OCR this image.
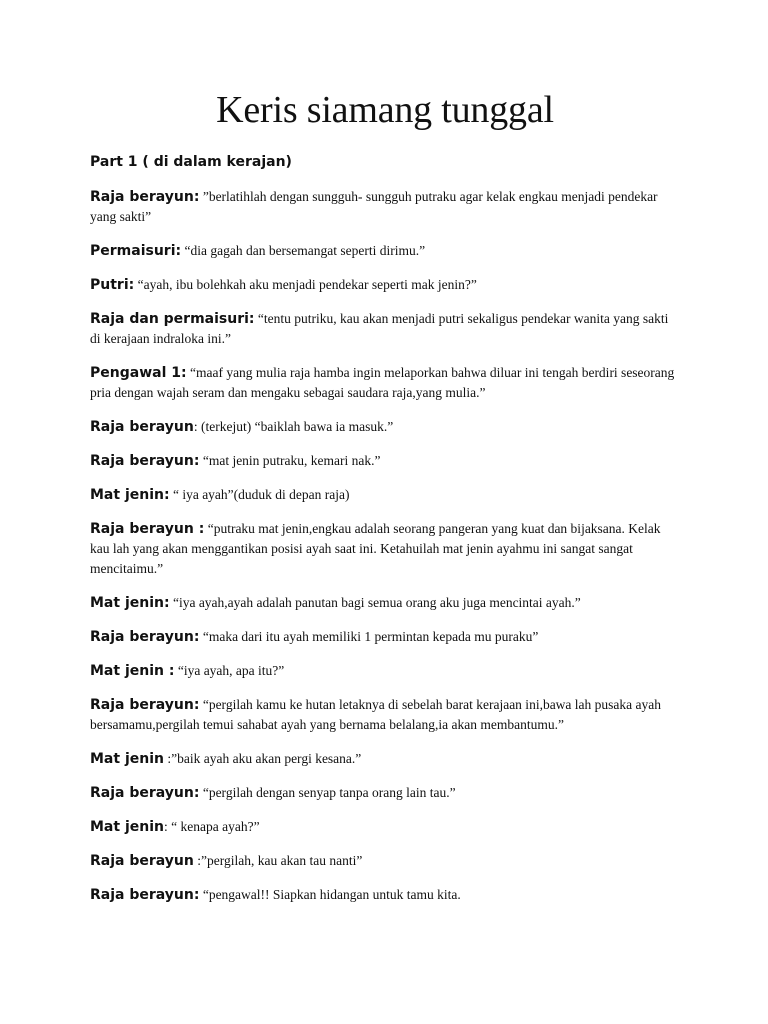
Keris siamang tunggal
Part 1 ( di dalam kerajan)
Raja berayun: ”berlatihlah dengan sungguh- sungguh putraku agar kelak engkau menjadi pendekar yang sakti”
Permaisuri: “dia gagah dan bersemangat seperti dirimu.”
Putri: “ayah, ibu bolehkah aku menjadi pendekar seperti mak jenin?”
Raja dan permaisuri: “tentu putriku, kau akan menjadi putri sekaligus pendekar wanita yang sakti di kerajaan indraloka ini.”
Pengawal 1: “maaf yang mulia raja hamba ingin melaporkan bahwa diluar ini tengah berdiri seseorang pria dengan wajah seram dan mengaku sebagai saudara raja,yang mulia.”
Raja berayun: (terkejut) “baiklah bawa ia masuk.”
Raja berayun: “mat jenin putraku, kemari nak.”
Mat jenin: “ iya ayah”(duduk di depan raja)
Raja berayun : “putraku mat jenin,engkau adalah seorang pangeran yang kuat dan bijaksana. Kelak kau lah yang akan menggantikan posisi ayah saat ini. Ketahuilah mat jenin ayahmu ini sangat sangat mencitaimu.”
Mat jenin: “iya ayah,ayah adalah panutan bagi semua orang aku juga mencintai ayah.”
Raja berayun: “maka dari itu ayah memiliki 1 permintan kepada mu puraku”
Mat jenin : “iya ayah, apa itu?”
Raja berayun: “pergilah kamu ke hutan letaknya di sebelah barat kerajaan ini,bawa lah pusaka ayah bersamamu,pergilah temui sahabat ayah yang bernama belalang,ia akan membantumu.”
Mat jenin :”baik ayah aku akan pergi kesana.”
Raja berayun: “pergilah dengan senyap tanpa orang lain tau.”
Mat jenin: “ kenapa ayah?”
Raja berayun :”pergilah, kau akan tau nanti”
Raja berayun: “pengawal!! Siapkan hidangan untuk tamu kita.
